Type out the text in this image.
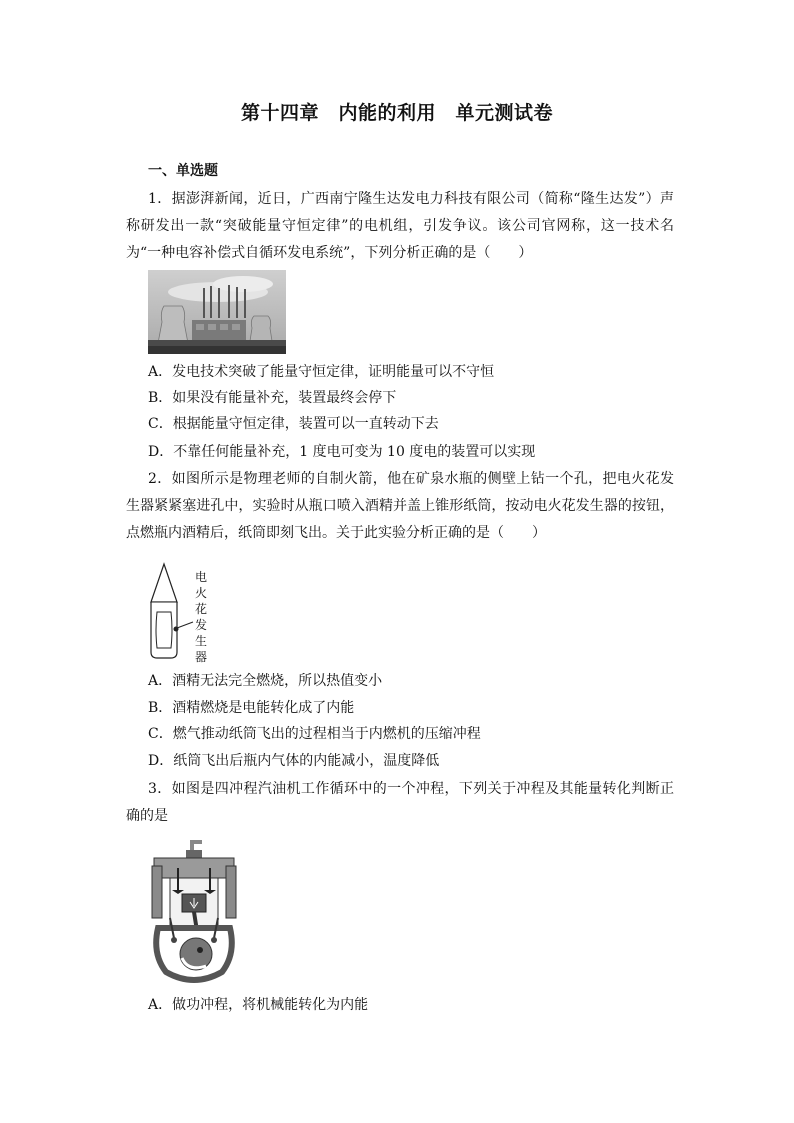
第十四章　内能的利用　单元测试卷
一、单选题
1．据澎湃新闻，近日，广西南宁隆生达发电力科技有限公司（简称“隆生达发”）声称研发出一款“突破能量守恒定律”的电机组，引发争议。该公司官网称，这一技术名为“一种电容补偿式自循环发电系统”，下列分析正确的是（　　）
A．发电技术突破了能量守恒定律，证明能量可以不守恒
B．如果没有能量补充，装置最终会停下
C．根据能量守恒定律，装置可以一直转动下去
D．不靠任何能量补充，1 度电可变为 10 度电的装置可以实现
2．如图所示是物理老师的自制火箭，他在矿泉水瓶的侧壁上钻一个孔，把电火花发生器紧紧塞进孔中，实验时从瓶口喷入酒精并盖上锥形纸筒，按动电火花发生器的按钮，点燃瓶内酒精后，纸筒即刻飞出。关于此实验分析正确的是（　　）
电
火
花
发
生
器
A．酒精无法完全燃烧，所以热值变小
B．酒精燃烧是电能转化成了内能
C．燃气推动纸筒飞出的过程相当于内燃机的压缩冲程
D．纸筒飞出后瓶内气体的内能减小，温度降低
3．如图是四冲程汽油机工作循环中的一个冲程，下列关于冲程及其能量转化判断正确的是
A．做功冲程，将机械能转化为内能
